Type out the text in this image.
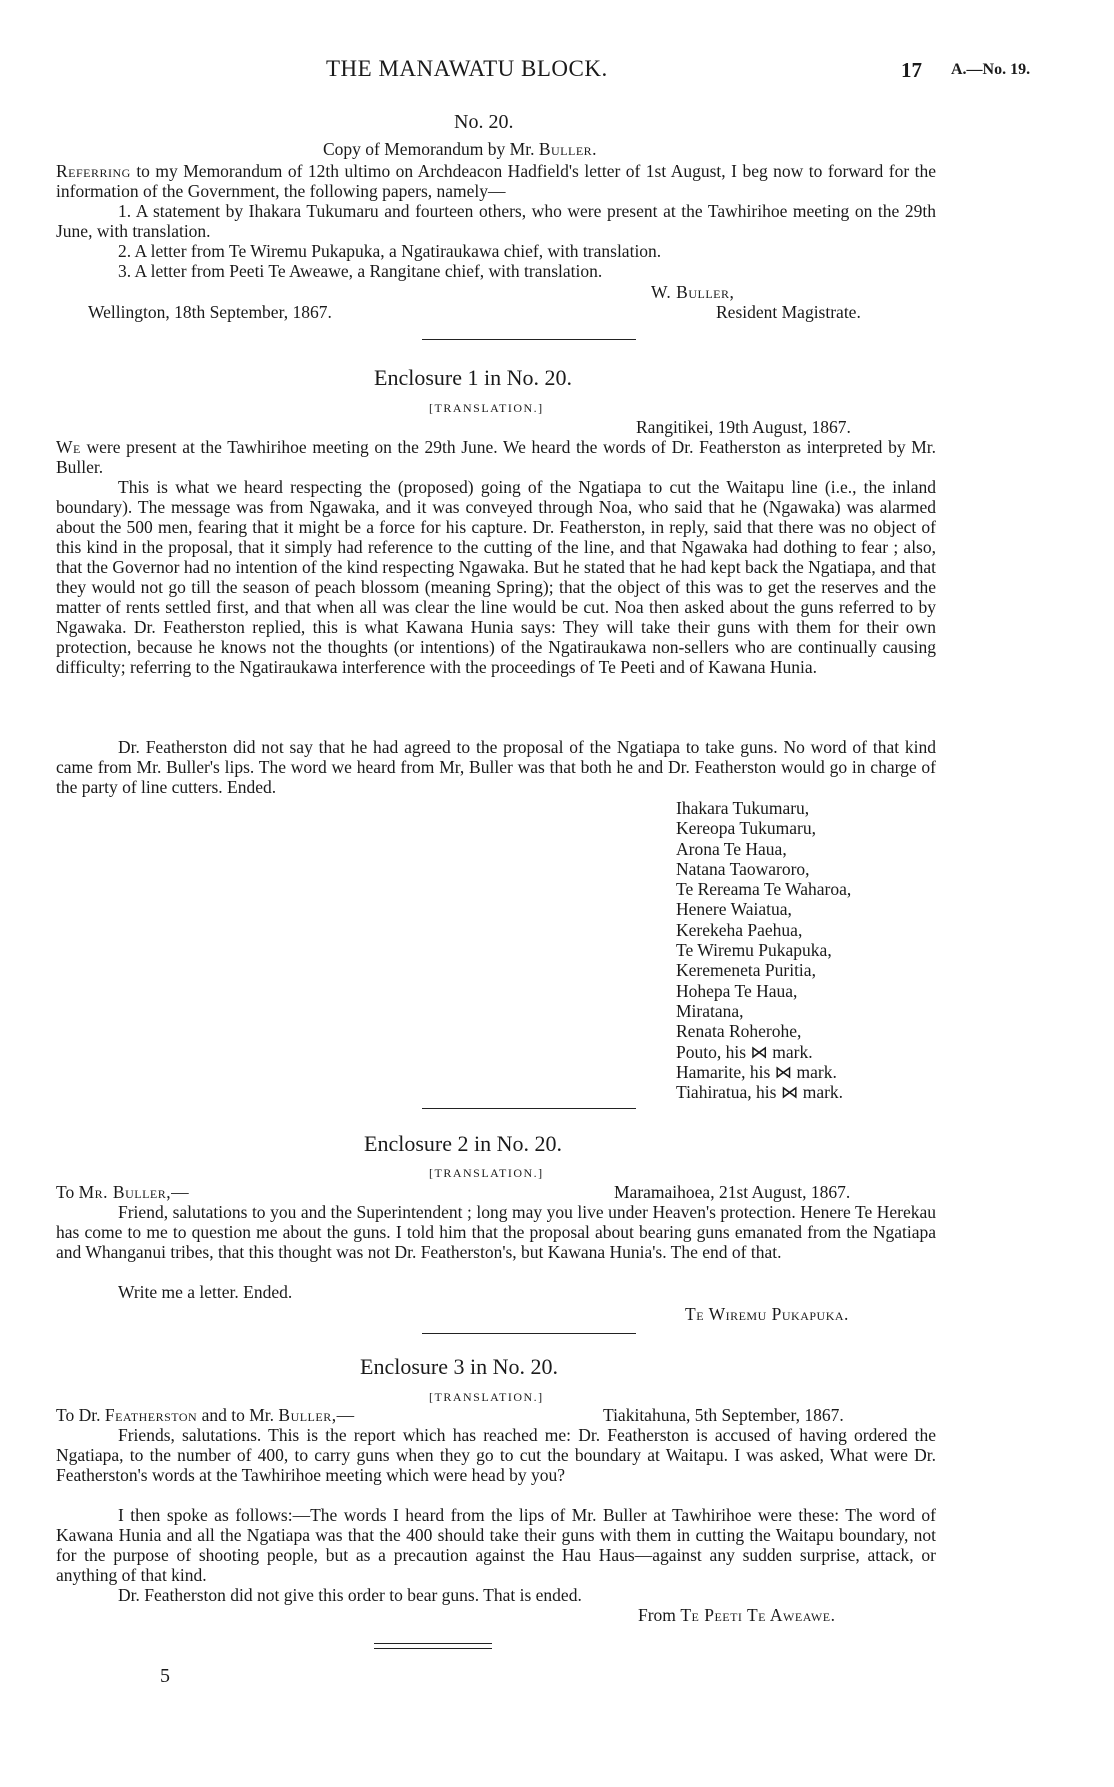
THE MANAWATU BLOCK.	17 A.—No. 19.
No. 20.
Copy of Memorandum by Mr. Buller.
Referring to my Memorandum of 12th ultimo on Archdeacon Hadfield's letter of 1st August, I beg now to forward for the information of the Government, the following papers, namely—
1. A statement by Ihakara Tukumaru and fourteen others, who were present at the Tawhirihoe meeting on the 29th June, with translation.
2. A letter from Te Wiremu Pukapuka, a Ngatiraukawa chief, with translation.
3. A letter from Peeti Te Aweawe, a Rangitane chief, with translation.
W. Buller,
Wellington, 18th September, 1867.	Resident Magistrate.
Enclosure 1 in No. 20.
[TRANSLATION.]
Rangitikei, 19th August, 1867.
We were present at the Tawhirihoe meeting on the 29th June. We heard the words of Dr. Featherston as interpreted by Mr. Buller.
This is what we heard respecting the (proposed) going of the Ngatiapa to cut the Waitapu line (i.e., the inland boundary). The message was from Ngawaka, and it was conveyed through Noa, who said that he (Ngawaka) was alarmed about the 500 men, fearing that it might be a force for his capture. Dr. Featherston, in reply, said that there was no object of this kind in the proposal, that it simply had reference to the cutting of the line, and that Ngawaka had dothing to fear ; also, that the Governor had no intention of the kind respecting Ngawaka. But he stated that he had kept back the Ngatiapa, and that they would not go till the season of peach blossom (meaning Spring); that the object of this was to get the reserves and the matter of rents settled first, and that when all was clear the line would be cut. Noa then asked about the guns referred to by Ngawaka. Dr. Featherston replied, this is what Kawana Hunia says: They will take their guns with them for their own protection, because he knows not the thoughts (or intentions) of the Ngatiraukawa non-sellers who are continually causing difficulty; referring to the Ngatiraukawa interference with the proceedings of Te Peeti and of Kawana Hunia.
Dr. Featherston did not say that he had agreed to the proposal of the Ngatiapa to take guns. No word of that kind came from Mr. Buller's lips. The word we heard from Mr, Buller was that both he and Dr. Featherston would go in charge of the party of line cutters. Ended.
Ihakara Tukumaru,
Kereopa Tukumaru,
Arona Te Haua,
Natana Taowaroro,
Te Rereama Te Waharoa,
Henere Waiatua,
Kerekeha Paehua,
Te Wiremu Pukapuka,
Keremeneta Puritia,
Hohepa Te Haua,
Miratana,
Renata Roherohe,
Pouto, his ⋈ mark.
Hamarite, his ⋈ mark.
Tiahiratua, his ⋈ mark.
Enclosure 2 in No. 20.
[TRANSLATION.]
To Mr. Buller,—	Maramaihoea, 21st August, 1867.
Friend, salutations to you and the Superintendent ; long may you live under Heaven's protection. Henere Te Herekau has come to me to question me about the guns. I told him that the proposal about bearing guns emanated from the Ngatiapa and Whanganui tribes, that this thought was not Dr. Featherston's, but Kawana Hunia's. The end of that.
Write me a letter. Ended.
Te Wiremu Pukapuka.
Enclosure 3 in No. 20.
[TRANSLATION.]
To Dr. Featherston and to Mr. Buller,—	Tiakitahuna, 5th September, 1867.
Friends, salutations. This is the report which has reached me: Dr. Featherston is accused of having ordered the Ngatiapa, to the number of 400, to carry guns when they go to cut the boundary at Waitapu. I was asked, What were Dr. Featherston's words at the Tawhirihoe meeting which were head by you?
I then spoke as follows:—The words I heard from the lips of Mr. Buller at Tawhirihoe were these: The word of Kawana Hunia and all the Ngatiapa was that the 400 should take their guns with them in cutting the Waitapu boundary, not for the purpose of shooting people, but as a precaution against the Hau Haus—against any sudden surprise, attack, or anything of that kind.
Dr. Featherston did not give this order to bear guns. That is ended.
From Te Peeti Te Aweawe.
5
